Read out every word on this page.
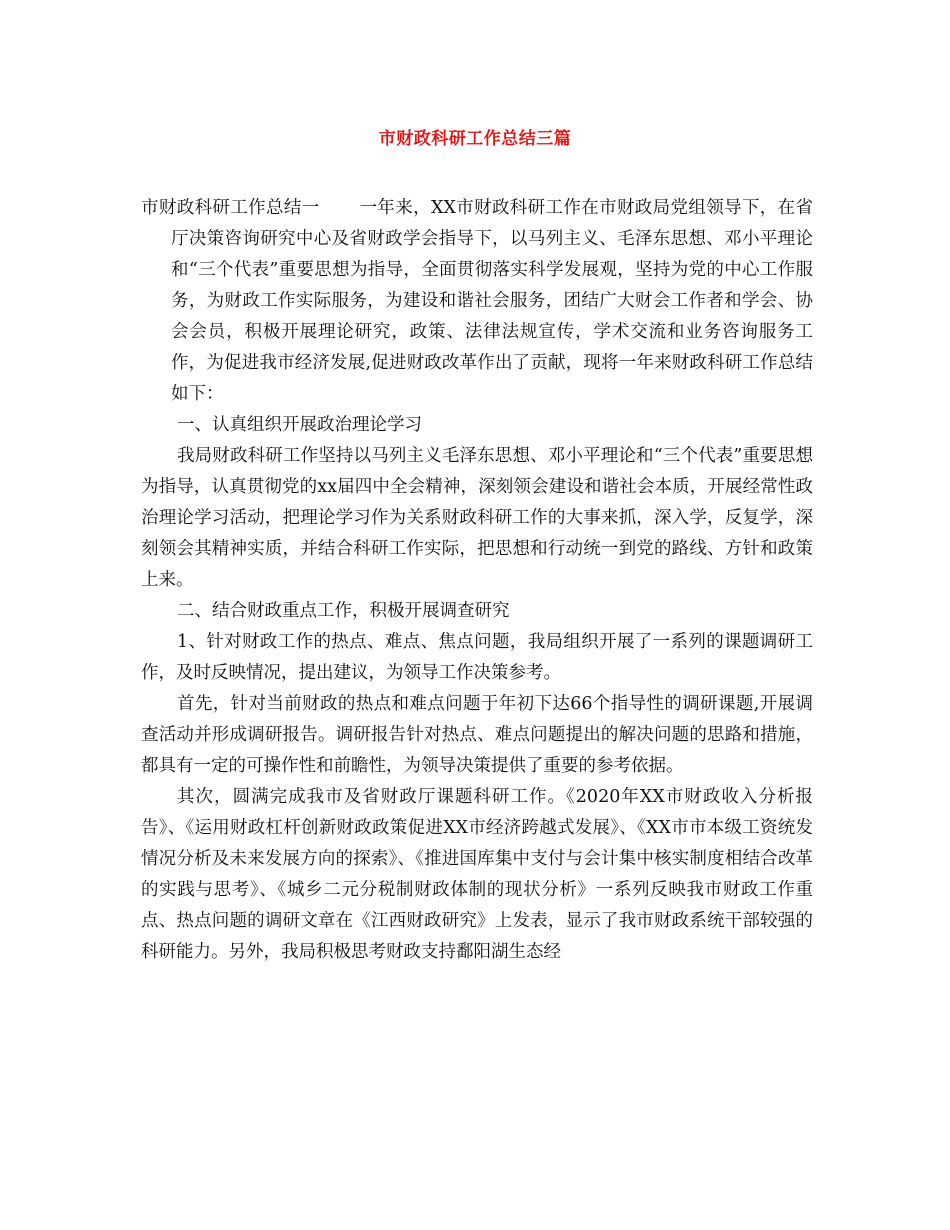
市财政科研工作总结三篇

市财政科研工作总结一 一年来，XX市财政科研工作在市财政局党组领导下，在省厅决策咨询研究中心及省财政学会指导下，以马列主义、毛泽东思想、邓小平理论和“三个代表”重要思想为指导，全面贯彻落实科学发展观，坚持为党的中心工作服务，为财政工作实际服务，为建设和谐社会服务，团结广大财会工作者和学会、协会会员，积极开展理论研究，政策、法律法规宣传，学术交流和业务咨询服务工作，为促进我市经济发展,促进财政改革作出了贡献，现将一年来财政科研工作总结如下：

一、认真组织开展政治理论学习

我局财政科研工作坚持以马列主义毛泽东思想、邓小平理论和“三个代表”重要思想为指导，认真贯彻党的xx届四中全会精神，深刻领会建设和谐社会本质，开展经常性政治理论学习活动，把理论学习作为关系财政科研工作的大事来抓，深入学，反复学，深刻领会其精神实质，并结合科研工作实际，把思想和行动统一到党的路线、方针和政策上来。

二、结合财政重点工作，积极开展调查研究

1、针对财政工作的热点、难点、焦点问题，我局组织开展了一系列的课题调研工作，及时反映情况，提出建议，为领导工作决策参考。

首先，针对当前财政的热点和难点问题于年初下达66个指导性的调研课题,开展调查活动并形成调研报告。调研报告针对热点、难点问题提出的解决问题的思路和措施，都具有一定的可操作性和前瞻性，为领导决策提供了重要的参考依据。

其次，圆满完成我市及省财政厅课题科研工作。《2020年XX市财政收入分析报告》、《运用财政杠杆创新财政政策促进XX市经济跨越式发展》、《XX市市本级工资统发情况分析及未来发展方向的探索》、《推进国库集中支付与会计集中核实制度相结合改革的实践与思考》、《城乡二元分税制财政体制的现状分析》一系列反映我市财政工作重点、热点问题的调研文章在《江西财政研究》上发表，显示了我市财政系统干部较强的科研能力。另外，我局积极思考财政支持鄱阳湖生态经
